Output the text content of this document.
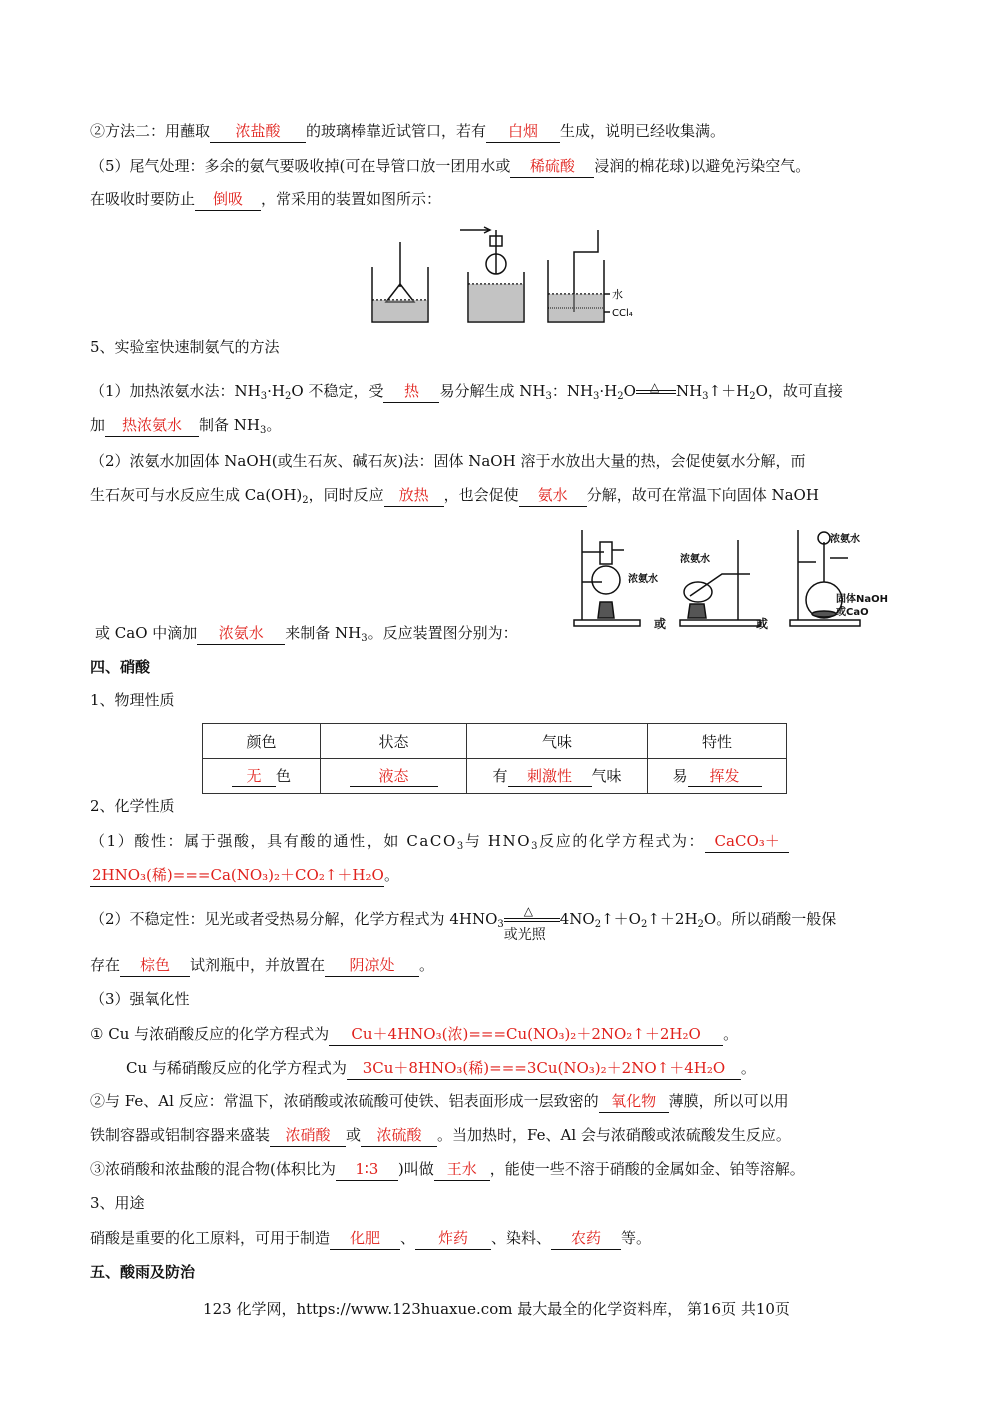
②方法二：用蘸取 浓盐酸 的玻璃棒靠近试管口，若有 白烟 生成，说明已经收集满。
（5）尾气处理：多余的氨气要吸收掉(可在导管口放一团用水或 稀硫酸 浸润的棉花球)以避免污染空气。
在吸收时要防止 倒吸 ，常采用的装置如图所示：
水
CCl₄
5、实验室快速制氨气的方法
（1）加热浓氨水法：$NH_3\cdot H_2O$ 不稳定，受 热 易分解生成 $NH_3$：$NH_3\cdot H_2O$ △ $NH_3↑+H_2O$，故可直接
加 热浓氨水 制备 $NH_3$。
（2）浓氨水加固体 NaOH(或生石灰、碱石灰)法：固体 NaOH 溶于水放出大量的热，会促使氨水分解，而
生石灰可与水反应生成 $Ca(OH)_2$，同时反应 放热 ，也会促使 氨水 分解，故可在常温下向固体 NaOH
浓氨水
浓氨水
浓氨水
固体NaOH
或CaO
或	或
或 CaO 中滴加 浓氨水 来制备 $NH_3$。反应装置图分别为：
四、硝酸
1、物理性质
颜色	状态	气味	特性
无 色	液态	有 刺激性 气味	易 挥发
2、化学性质
（1）酸性：属于强酸，具有酸的通性，如 CaCO$_3$与 $HNO_3$反应的化学方程式为： CaCO₃＋
2HNO₃(稀)===Ca(NO₃)₂＋CO₂↑＋H₂O。
（2）不稳定性：见光或者受热易分解，化学方程式为 $4HNO_3 \frac{\triangle}{\text{或光照}}$ $4NO_2↑+O_2↑+2H_2O$。所以硝酸一般保
存在 棕色 试剂瓶中，并放置在 阴凉处 。
（3）强氧化性
① Cu 与浓硝酸反应的化学方程式为 Cu＋4HNO₃(浓)===Cu(NO₃)₂＋2NO₂↑＋2H₂O 。
Cu 与稀硝酸反应的化学方程式为 3Cu＋8HNO₃(稀)===3Cu(NO₃)₂＋2NO↑＋4H₂O 。
②与 Fe、Al 反应：常温下，浓硝酸或浓硫酸可使铁、铝表面形成一层致密的 氧化物 薄膜，所以可以用
铁制容器或铝制容器来盛装 浓硝酸 或 浓硫酸 。当加热时，Fe、Al 会与浓硝酸或浓硫酸发生反应。
③浓硝酸和浓盐酸的混合物(体积比为 1∶3 )叫做 王水 ，能使一些不溶于硝酸的金属如金、铂等溶解。
3、用途
硝酸是重要的化工原料，可用于制造 化肥 、 炸药 、染料、 农药 等。
五、酸雨及防治
123 化学网，https://www.123huaxue.com 最大最全的化学资料库， 第16页 共10页
